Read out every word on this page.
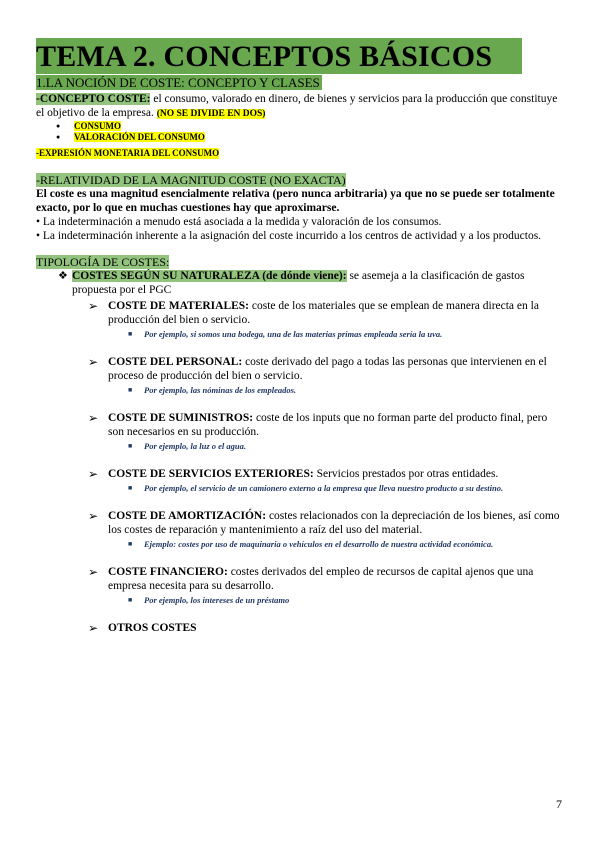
TEMA 2. CONCEPTOS BÁSICOS
1.LA NOCIÓN DE COSTE: CONCEPTO Y CLASES

-CONCEPTO COSTE: el consumo, valorado en dinero, de bienes y servicios para la producción que constituye el objetivo de la empresa. (NO SE DIVIDE EN DOS)

● CONSUMO
● VALORACIÓN DEL CONSUMO
-EXPRESIÓN MONETARIA DEL CONSUMO
-RELATIVIDAD DE LA MAGNITUD COSTE (NO EXACTA)

El coste es una magnitud esencialmente relativa (pero nunca arbitraria) ya que no se puede ser totalmente exacto, por lo que en muchas cuestiones hay que aproximarse.

• La indeterminación a menudo está asociada a la medida y valoración de los consumos.

• La indeterminación inherente a la asignación del coste incurrido a los centros de actividad y a los productos.

TIPOLOGÍA DE COSTES:
❖ COSTES SEGÚN SU NATURALEZA (de dónde viene): se asemeja a la clasificación de gastos propuesta por el PGC
➢ COSTE DE MATERIALES: coste de los materiales que se emplean de manera directa en la producción del bien o servicio.
■ Por ejemplo, si somos una bodega, una de las materias primas empleada sería la uva.
➢ COSTE DEL PERSONAL: coste derivado del pago a todas las personas que intervienen en el proceso de producción del bien o servicio.
■ Por ejemplo, las nóminas de los empleados.
➢ COSTE DE SUMINISTROS: coste de los inputs que no forman parte del producto final, pero son necesarios en su producción.
■ Por ejemplo, la luz o el agua.
➢ COSTE DE SERVICIOS EXTERIORES: Servicios prestados por otras entidades.
■ Por ejemplo, el servicio de un camionero externo a la empresa que lleva nuestro producto a su destino.
➢ COSTE DE AMORTIZACIÓN: costes relacionados con la depreciación de los bienes, así como los costes de reparación y mantenimiento a raíz del uso del material.
■ Ejemplo: costes por uso de maquinaria o vehículos en el desarrollo de nuestra actividad económica.
➢ COSTE FINANCIERO: costes derivados del empleo de recursos de capital ajenos que una empresa necesita para su desarrollo.
■ Por ejemplo, los intereses de un préstamo
➢ OTROS COSTES
7
